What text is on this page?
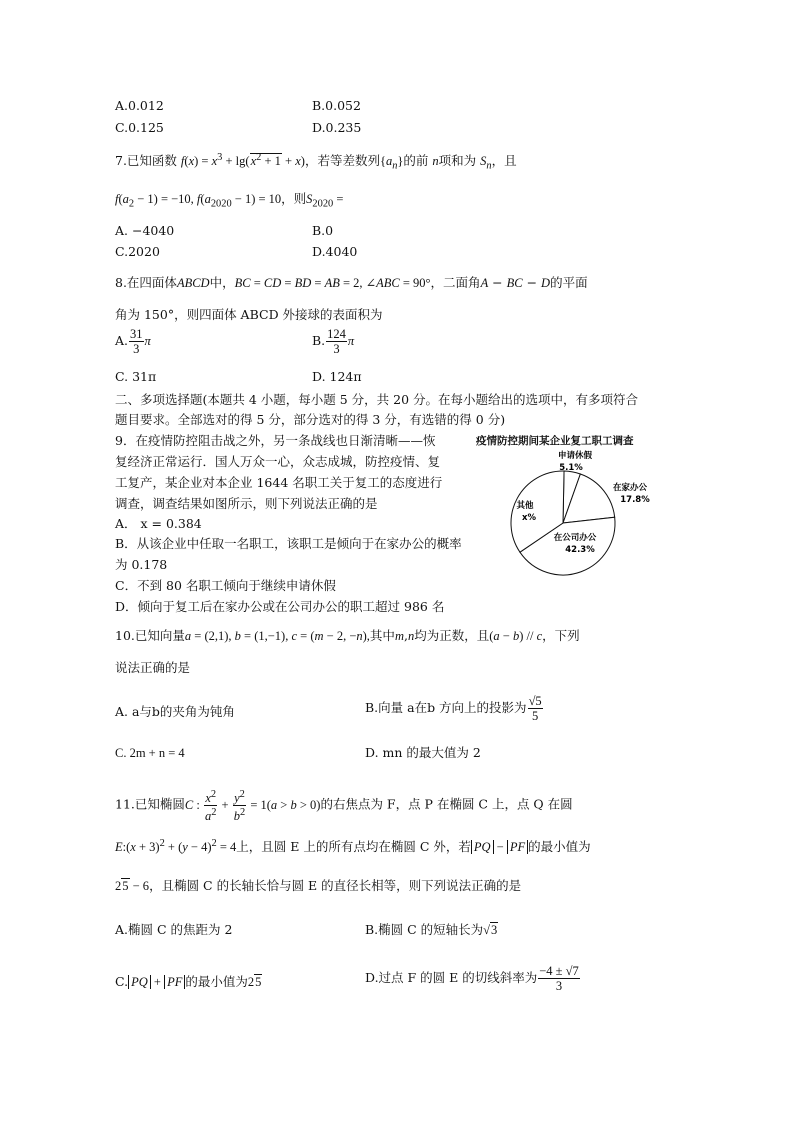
A.0.012	B.0.052
C.0.125	D.0.235
7.已知函数 $f(x) = x^3 + \lg(x^2 + 1 + x)$，若等差数列$\{a_n\}$的前 n项和为 $S_n$，且
$f(a_2 - 1) = -10$, $f(a_{2020} - 1) = 10$，则$S_{2020}$ =
A. −4040	B.0
C.2020	D.4040
8.在四面体ABCD中，BC = CD = BD = AB = 2, ∠ABC = 90°，二面角A − BC − D的平面
角为 150°，则四面体 ABCD 外接球的表面积为
A. $\frac{31}{3}$ π	B. $\frac{124}{3}$ π
C. 31π	D. 124π
二、多项选择题(本题共 4 小题，每小题 5 分，共 20 分。在每小题给出的选项中，有多项符合
题目要求。全部选对的得 5 分，部分选对的得 3 分，有选错的得 0 分)
9．在疫情防控阻击战之外，另一条战线也日渐清晰——恢	疫情防控期间某企业复工职工调查
复经济正常运行．国人万众一心，众志成城，防控疫情、复
工复产，某企业对本企业 1644 名职工关于复工的态度进行
调查，调查结果如图所示，则下列说法正确的是
A． x = 0.384
B．从该企业中任取一名职工，该职工是倾向于在家办公的概率
为 0.178
C．不到 80 名职工倾向于继续申请休假
D．倾向于复工后在家办公或在公司办公的职工超过 986 名
申请休假
5.1%
在家办公
17.8%
在公司办公
42.3%
其他
x%
10.已知向量a = (2,1), b = (1,−1), c = (m − 2, −n),其中m,n均为正数，且(a − b) // c，下列
说法正确的是
A. a与b的夹角为钝角	B.向量 a在b 方向上的投影为 $\frac{√5}{5}$
C. 2m + n = 4	D. mn 的最大值为 2
11.已知椭圆C : $\frac{x^2}{a^2} + \frac{y^2}{b^2} = 1(a > b > 0)$的右焦点为 F，点 P 在椭圆 C 上，点 Q 在圆
E:(x + $3)^2 + (y - 4)^2 = 4$上，且圆 E 上的所有点均在椭圆 C 外，若 PQ − PF 的最小值为
25 − 6，且椭圆 C 的长轴长恰与圆 E 的直径长相等，则下列说法正确的是
A.椭圆 C 的焦距为 2	B.椭圆 C 的短轴长为√3
C. PQ + PF 的最小值为25	D.过点 F 的圆 E 的切线斜率为 $\frac{-4 \pm √7}{3}$
